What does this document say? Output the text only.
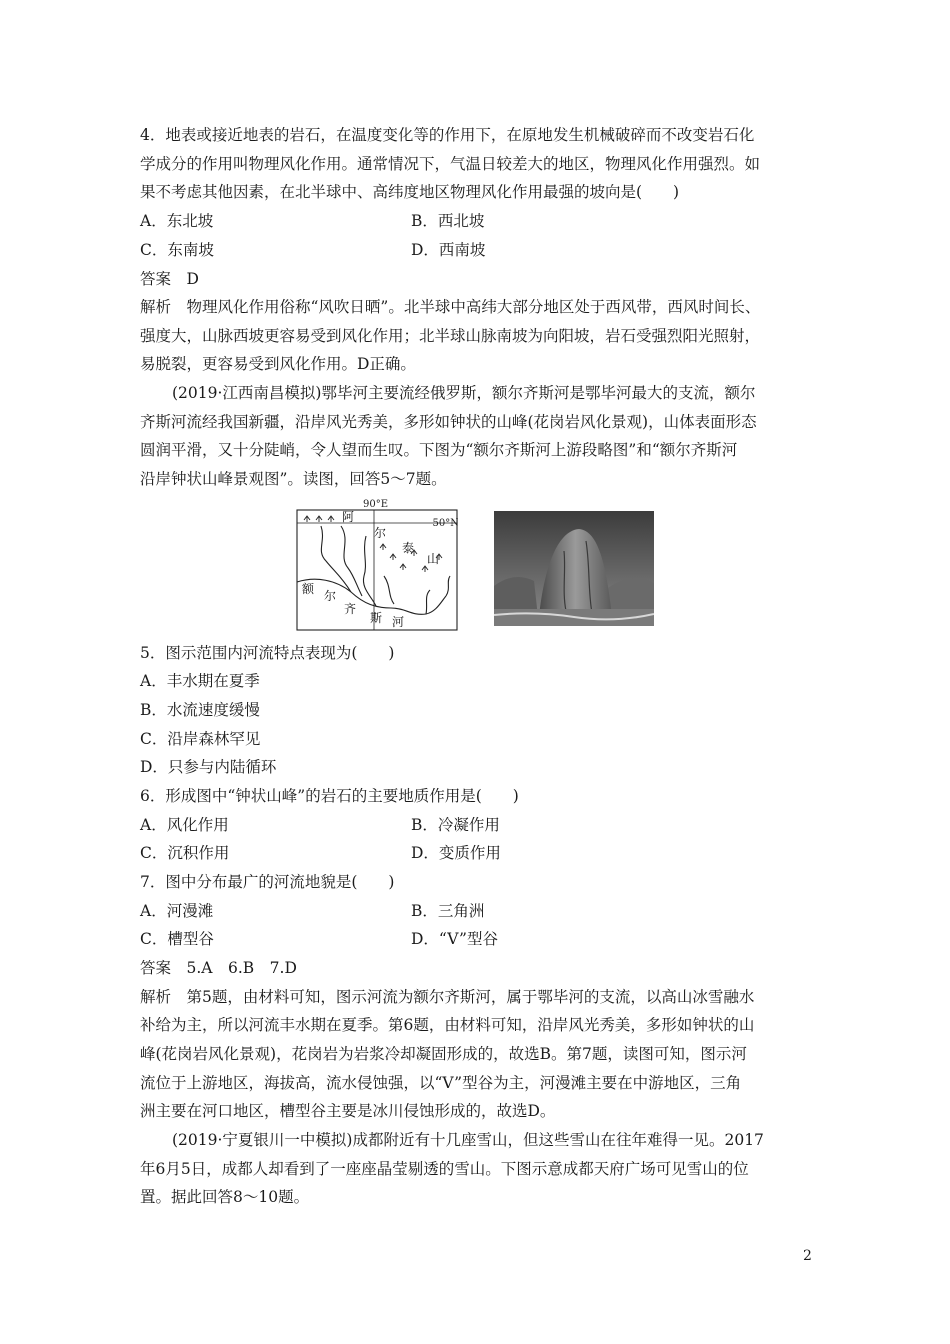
4．地表或接近地表的岩石，在温度变化等的作用下，在原地发生机械破碎而不改变岩石化
学成分的作用叫物理风化作用。通常情况下，气温日较差大的地区，物理风化作用强烈。如
果不考虑其他因素，在北半球中、高纬度地区物理风化作用最强的坡向是(　　)
A．东北坡	B．西北坡
C．东南坡	D．西南坡
答案　D
解析　物理风化作用俗称“风吹日晒”。北半球中高纬大部分地区处于西风带，西风时间长、
强度大，山脉西坡更容易受到风化作用；北半球山脉南坡为向阳坡，岩石受强烈阳光照射，
易脱裂，更容易受到风化作用。D正确。
(2019·江西南昌模拟)鄂毕河主要流经俄罗斯，额尔齐斯河是鄂毕河最大的支流，额尔
齐斯河流经我国新疆，沿岸风光秀美，多形如钟状的山峰(花岗岩风化景观)，山体表面形态
圆润平滑，又十分陡峭，令人望而生叹。下图为“额尔齐斯河上游段略图”和“额尔齐斯河
沿岸钟状山峰景观图”。读图，回答5～7题。
90°E
50°N
阿
尔
泰
山
额 尔
齐
斯 河
5．图示范围内河流特点表现为(　　)
A．丰水期在夏季
B．水流速度缓慢
C．沿岸森林罕见
D．只参与内陆循环
6．形成图中“钟状山峰”的岩石的主要地质作用是(　　)
A．风化作用	B．冷凝作用
C．沉积作用	D．变质作用
7．图中分布最广的河流地貌是(　　)
A．河漫滩	B．三角洲
C．槽型谷	D．“V”型谷
答案　5.A　6.B　7.D
解析　第5题，由材料可知，图示河流为额尔齐斯河，属于鄂毕河的支流，以高山冰雪融水
补给为主，所以河流丰水期在夏季。第6题，由材料可知，沿岸风光秀美，多形如钟状的山
峰(花岗岩风化景观)，花岗岩为岩浆冷却凝固形成的，故选B。第7题，读图可知，图示河
流位于上游地区，海拔高，流水侵蚀强，以“V”型谷为主，河漫滩主要在中游地区，三角
洲主要在河口地区，槽型谷主要是冰川侵蚀形成的，故选D。
(2019·宁夏银川一中模拟)成都附近有十几座雪山，但这些雪山在往年难得一见。2017
年6月5日，成都人却看到了一座座晶莹剔透的雪山。下图示意成都天府广场可见雪山的位
置。据此回答8～10题。
2
